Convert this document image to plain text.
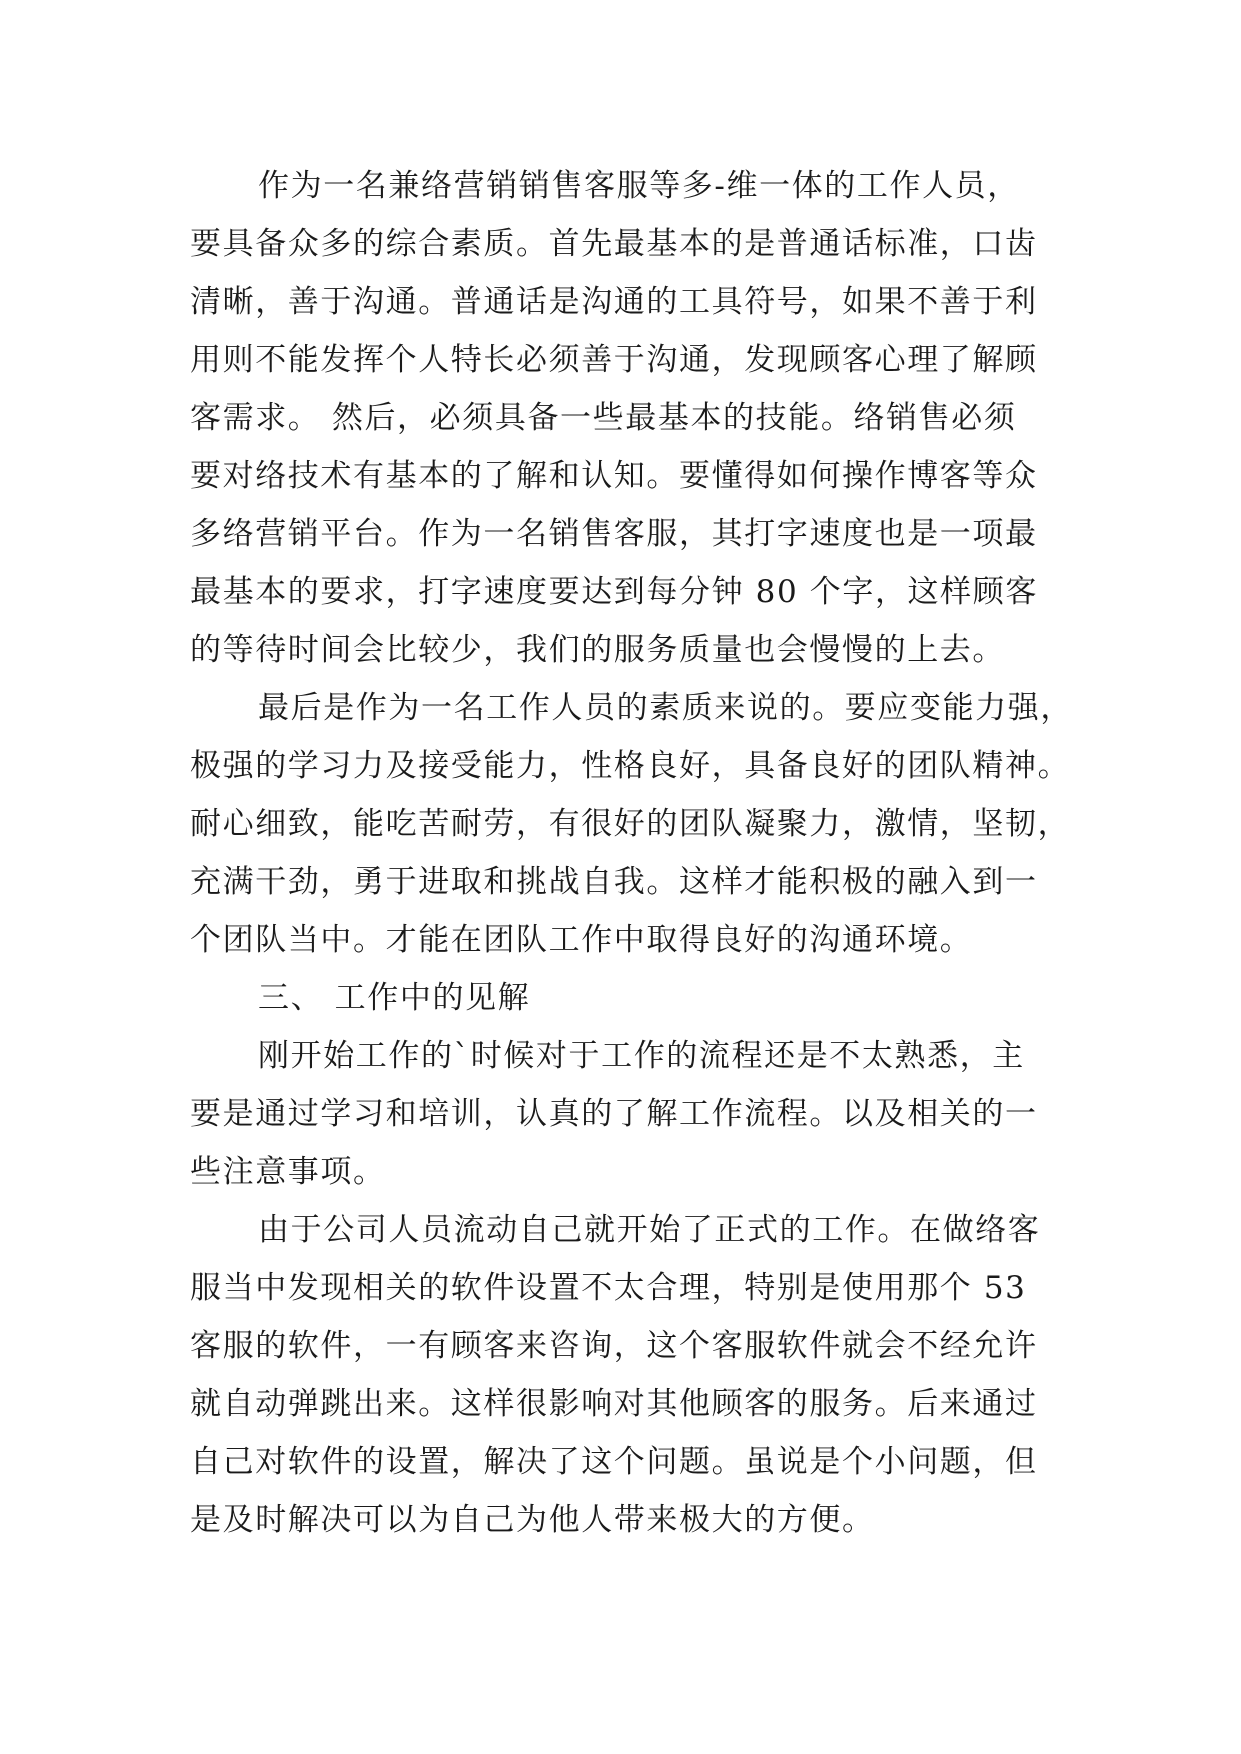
作为一名兼络营销销售客服等多-维一体的工作人员，
要具备众多的综合素质。首先最基本的是普通话标准，口齿
清晰，善于沟通。普通话是沟通的工具符号，如果不善于利
用则不能发挥个人特长必须善于沟通，发现顾客心理了解顾
客需求。 然后，必须具备一些最基本的技能。络销售必须
要对络技术有基本的了解和认知。要懂得如何操作博客等众
多络营销平台。作为一名销售客服，其打字速度也是一项最
最基本的要求，打字速度要达到每分钟 80 个字，这样顾客
的等待时间会比较少，我们的服务质量也会慢慢的上去。
最后是作为一名工作人员的素质来说的。要应变能力强，
极强的学习力及接受能力，性格良好，具备良好的团队精神。
耐心细致，能吃苦耐劳，有很好的团队凝聚力，激情，坚韧，
充满干劲，勇于进取和挑战自我。这样才能积极的融入到一
个团队当中。才能在团队工作中取得良好的沟通环境。
三、 工作中的见解
刚开始工作的`时候对于工作的流程还是不太熟悉，主
要是通过学习和培训，认真的了解工作流程。以及相关的一
些注意事项。
由于公司人员流动自己就开始了正式的工作。在做络客
服当中发现相关的软件设置不太合理，特别是使用那个 53
客服的软件，一有顾客来咨询，这个客服软件就会不经允许
就自动弹跳出来。这样很影响对其他顾客的服务。后来通过
自己对软件的设置，解决了这个问题。虽说是个小问题，但
是及时解决可以为自己为他人带来极大的方便。
